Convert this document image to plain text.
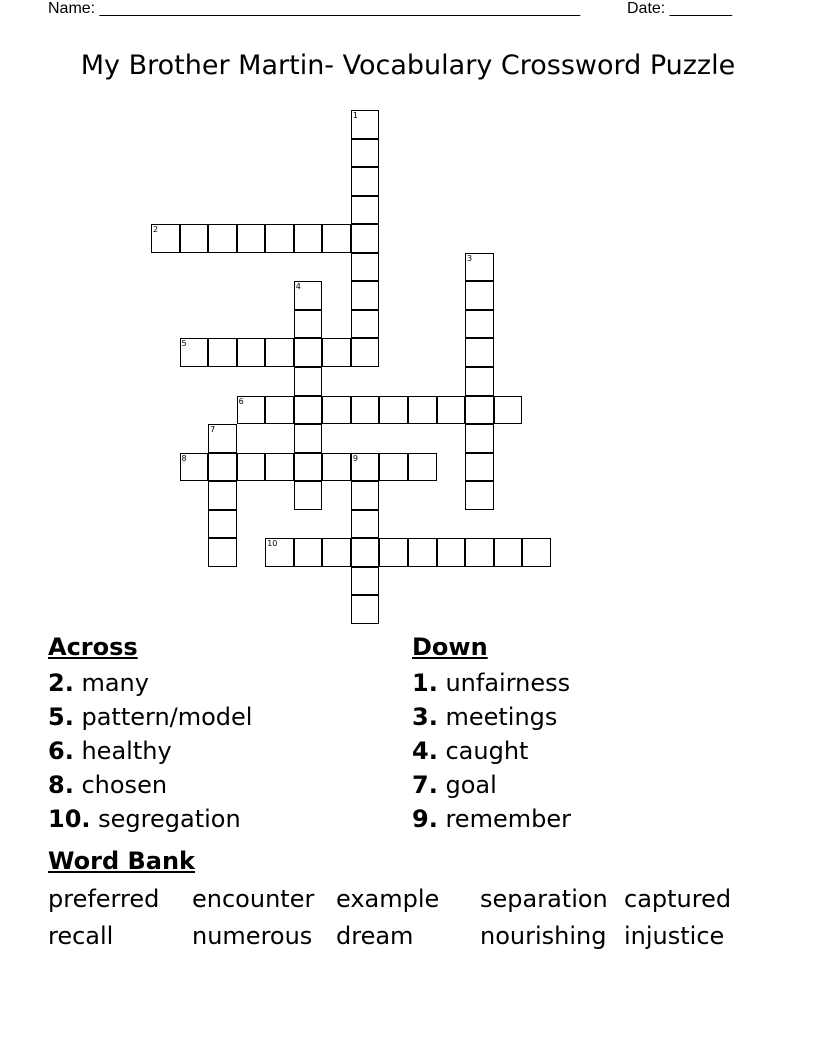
Name: ______________________________________________________	Date: _______
My Brother Martin- Vocabulary Crossword Puzzle
1
2
3
4
5
6
7
8	9
10
Across
2. many
5. pattern/model
6. healthy
8. chosen
10. segregation
Down
1. unfairness
3. meetings
4. caught
7. goal
9. remember
Word Bank
preferred encounter example separation captured
recall	numerous dream	nourishing injustice
